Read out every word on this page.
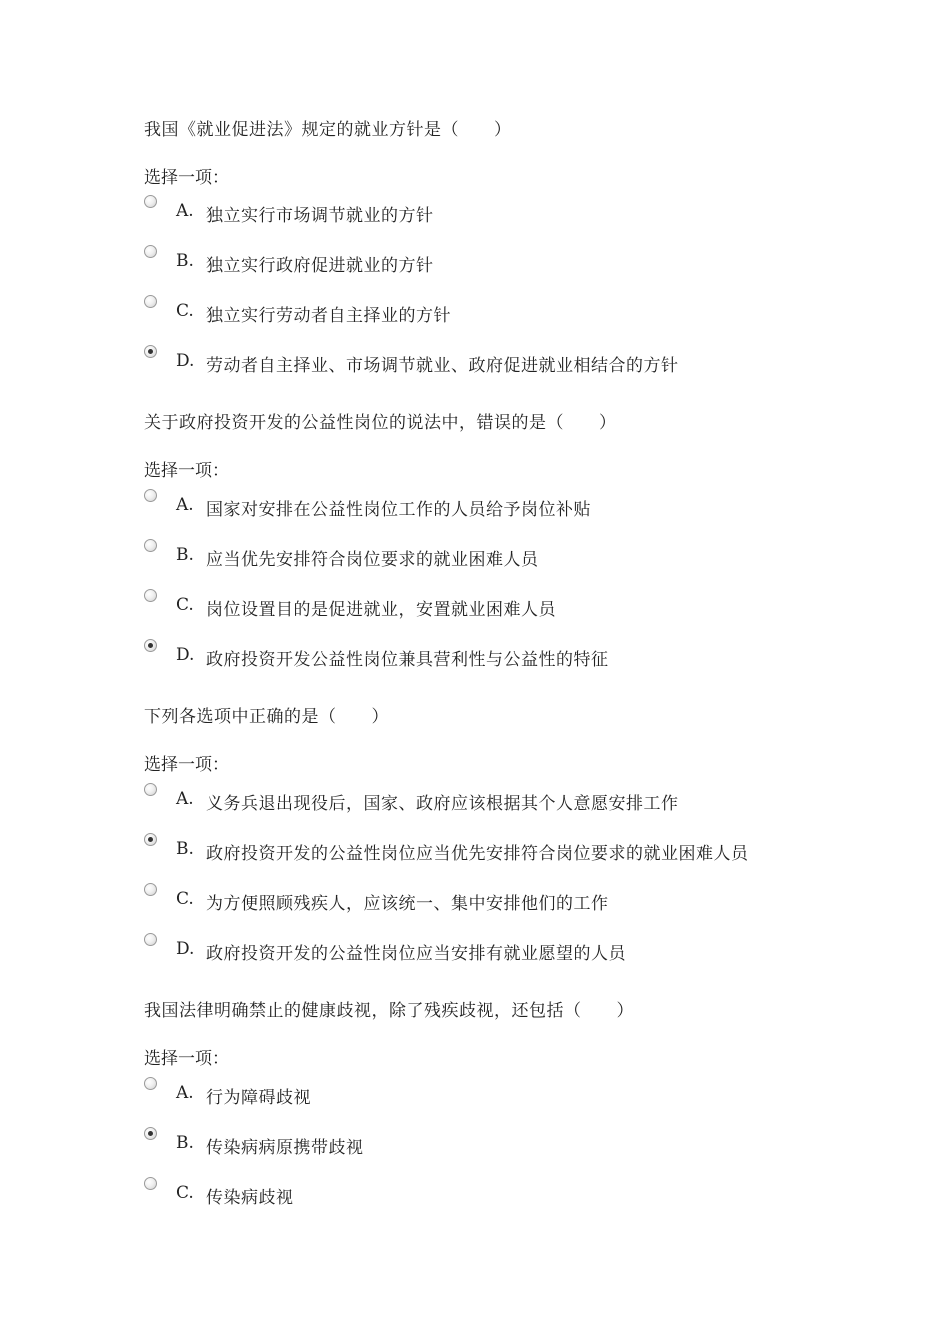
我国《就业促进法》规定的就业方针是（　　）
选择一项：
A. 独立实行市场调节就业的方针
B. 独立实行政府促进就业的方针
C. 独立实行劳动者自主择业的方针
D. 劳动者自主择业、市场调节就业、政府促进就业相结合的方针
关于政府投资开发的公益性岗位的说法中，错误的是（　　）
选择一项：
A. 国家对安排在公益性岗位工作的人员给予岗位补贴
B. 应当优先安排符合岗位要求的就业困难人员
C. 岗位设置目的是促进就业，安置就业困难人员
D. 政府投资开发公益性岗位兼具营利性与公益性的特征
下列各选项中正确的是（　　）
选择一项：
A. 义务兵退出现役后，国家、政府应该根据其个人意愿安排工作
B. 政府投资开发的公益性岗位应当优先安排符合岗位要求的就业困难人员
C. 为方便照顾残疾人，应该统一、集中安排他们的工作
D. 政府投资开发的公益性岗位应当安排有就业愿望的人员
我国法律明确禁止的健康歧视，除了残疾歧视，还包括（　　）
选择一项：
A. 行为障碍歧视
B. 传染病病原携带歧视
C. 传染病歧视
